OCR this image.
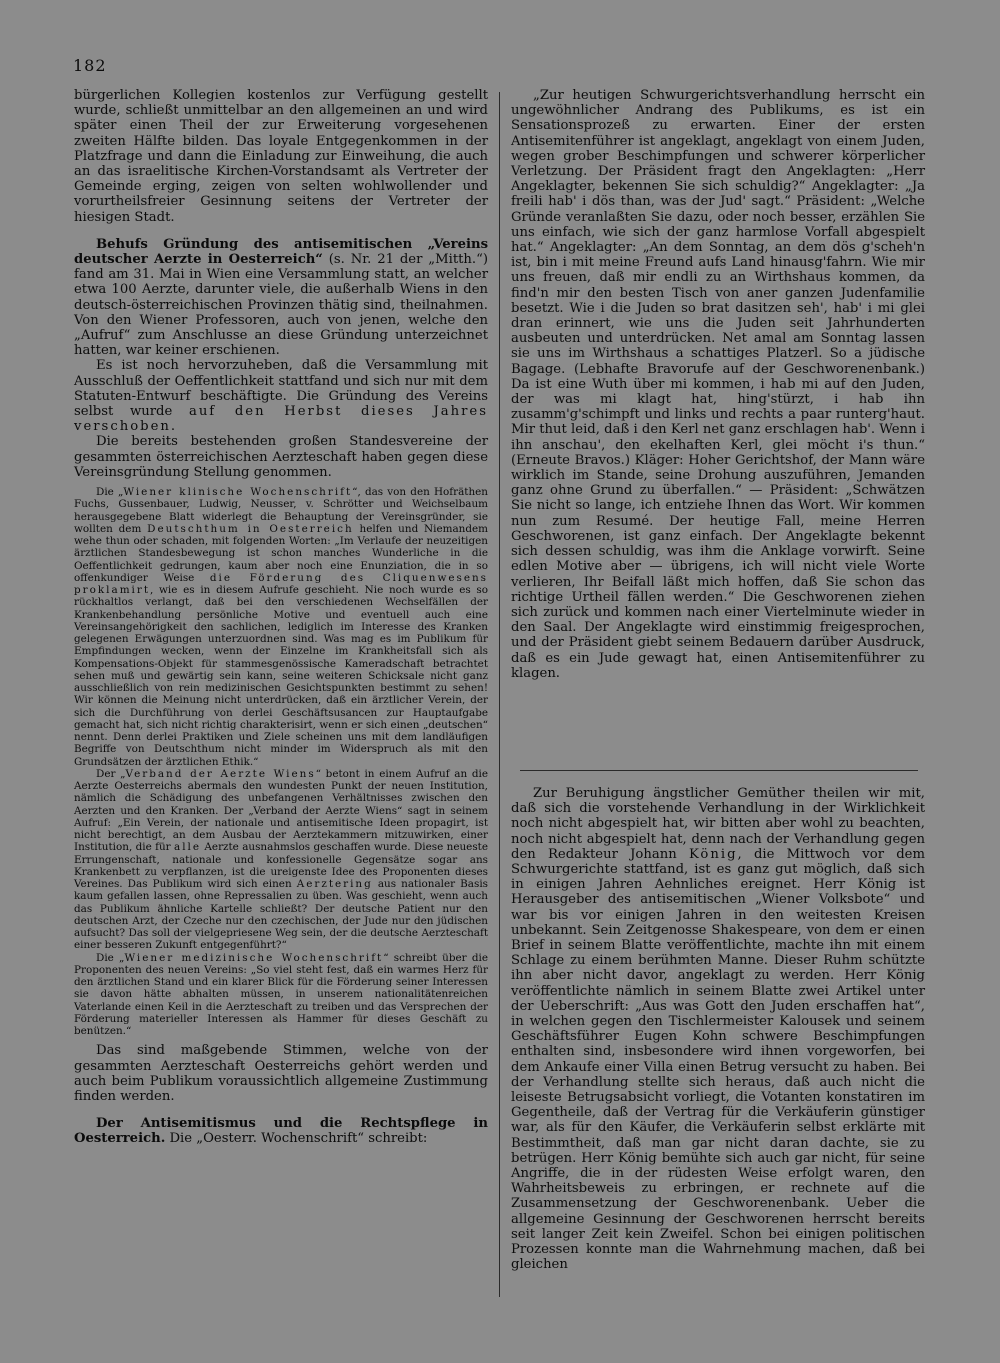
182

bürgerlichen Kollegien kostenlos zur Verfügung gestellt wurde, schließt unmittelbar an den allgemeinen an und wird später einen Theil der zur Erweiterung vorgesehenen zweiten Hälfte bilden. Das loyale Entgegenkommen in der Platzfrage und dann die Einladung zur Einweihung, die auch an das israelitische Kirchen-Vorstandsamt als Vertreter der Gemeinde erging, zeigen von selten wohlwollender und vorurtheilsfreier Gesinnung seitens der Vertreter der hiesigen Stadt.

Behufs Gründung des antisemitischen „Vereins deutscher Aerzte in Oesterreich“ (s. Nr. 21 der „Mitth.“) fand am 31. Mai in Wien eine Versammlung statt, an welcher etwa 100 Aerzte, darunter viele, die außerhalb Wiens in den deutsch-österreichischen Provinzen thätig sind, theilnahmen. Von den Wiener Professoren, auch von jenen, welche den „Aufruf“ zum Anschlusse an diese Gründung unterzeichnet hatten, war keiner erschienen.

Es ist noch hervorzuheben, daß die Versammlung mit Ausschluß der Oeffentlichkeit stattfand und sich nur mit dem Statuten-Entwurf beschäftigte. Die Gründung des Vereins selbst wurde auf den Herbst dieses Jahres verschoben.

Die bereits bestehenden großen Standesvereine der gesammten österreichischen Aerzteschaft haben gegen diese Vereinsgründung Stellung genommen.

Die „Wiener klinische Wochenschrift“, das von den Hofräthen Fuchs, Gussenbauer, Ludwig, Neusser, v. Schrötter und Weichselbaum herausgegebene Blatt widerlegt die Behauptung der Vereinsgründer, sie wollten dem Deutschthum in Oesterreich helfen und Niemandem wehe thun oder schaden, mit folgenden Worten: „Im Verlaufe der neuzeitigen ärztlichen Standesbewegung ist schon manches Wunderliche in die Oeffentlichkeit gedrungen, kaum aber noch eine Enunziation, die in so offenkundiger Weise die Förderung des Cliquenwesens proklamirt, wie es in diesem Aufrufe geschieht. Nie noch wurde es so rückhaltlos verlangt, daß bei den verschiedenen Wechselfällen der Krankenbehandlung persönliche Motive und eventuell auch eine Vereinsangehörigkeit den sachlichen, lediglich im Interesse des Kranken gelegenen Erwägungen unterzuordnen sind. Was mag es im Publikum für Empfindungen wecken, wenn der Einzelne im Krankheitsfall sich als Kompensations-Objekt für stammesgenössische Kameradschaft betrachtet sehen muß und gewärtig sein kann, seine weiteren Schicksale nicht ganz ausschließlich von rein medizinischen Gesichtspunkten bestimmt zu sehen! Wir können die Meinung nicht unterdrücken, daß ein ärztlicher Verein, der sich die Durchführung von derlei Geschäftsusancen zur Hauptaufgabe gemacht hat, sich nicht richtig charakterisirt, wenn er sich einen „deutschen“ nennt. Denn derlei Praktiken und Ziele scheinen uns mit dem landläufigen Begriffe von Deutschthum nicht minder im Widerspruch als mit den Grundsätzen der ärztlichen Ethik.“

Der „Verband der Aerzte Wiens“ betont in einem Aufruf an die Aerzte Oesterreichs abermals den wundesten Punkt der neuen Institution, nämlich die Schädigung des unbefangenen Verhältnisses zwischen den Aerzten und den Kranken. Der „Verband der Aerzte Wiens“ sagt in seinem Aufruf: „Ein Verein, der nationale und antisemitische Ideen propagirt, ist nicht berechtigt, an dem Ausbau der Aerztekammern mitzuwirken, einer Institution, die für alle Aerzte ausnahmslos geschaffen wurde. Diese neueste Errungenschaft, nationale und konfessionelle Gegensätze sogar ans Krankenbett zu verpflanzen, ist die ureigenste Idee des Proponenten dieses Vereines. Das Publikum wird sich einen Aerztering aus nationaler Basis kaum gefallen lassen, ohne Repressalien zu üben. Was geschieht, wenn auch das Publikum ähnliche Kartelle schließt? Der deutsche Patient nur den deutschen Arzt, der Czeche nur den czechischen, der Jude nur den jüdischen aufsucht? Das soll der vielgepriesene Weg sein, der die deutsche Aerzteschaft einer besseren Zukunft entgegenführt?“

Die „Wiener medizinische Wochenschrift“ schreibt über die Proponenten des neuen Vereins: „So viel steht fest, daß ein warmes Herz für den ärztlichen Stand und ein klarer Blick für die Förderung seiner Interessen sie davon hätte abhalten müssen, in unserem nationalitätenreichen Vaterlande einen Keil in die Aerzteschaft zu treiben und das Versprechen der Förderung materieller Interessen als Hammer für dieses Geschäft zu benützen.“

Das sind maßgebende Stimmen, welche von der gesammten Aerzteschaft Oesterreichs gehört werden und auch beim Publikum voraussichtlich allgemeine Zustimmung finden werden.

Der Antisemitismus und die Rechtspflege in Oesterreich. Die „Oesterr. Wochenschrift“ schreibt:

„Zur heutigen Schwurgerichtsverhandlung herrscht ein ungewöhnlicher Andrang des Publikums, es ist ein Sensationsprozeß zu erwarten. Einer der ersten Antisemitenführer ist angeklagt, angeklagt von einem Juden, wegen grober Beschimpfungen und schwerer körperlicher Verletzung. Der Präsident fragt den Angeklagten: „Herr Angeklagter, bekennen Sie sich schuldig?“ Angeklagter: „Ja freili hab' i dös than, was der Jud' sagt.“ Präsident: „Welche Gründe veranlaßten Sie dazu, oder noch besser, erzählen Sie uns einfach, wie sich der ganz harmlose Vorfall abgespielt hat.“ Angeklagter: „An dem Sonntag, an dem dös g'scheh'n ist, bin i mit meine Freund aufs Land hinausg'fahrn. Wie mir uns freuen, daß mir endli zu an Wirthshaus kommen, da find'n mir den besten Tisch von aner ganzen Judenfamilie besetzt. Wie i die Juden so brat dasitzen seh', hab' i mi glei dran erinnert, wie uns die Juden seit Jahrhunderten ausbeuten und unterdrücken. Net amal am Sonntag lassen sie uns im Wirthshaus a schattiges Platzerl. So a jüdische Bagage. (Lebhafte Bravorufe auf der Geschworenenbank.) Da ist eine Wuth über mi kommen, i hab mi auf den Juden, der was mi klagt hat, hing'stürzt, i hab ihn zusamm'g'schimpft und links und rechts a paar runterg'haut. Mir thut leid, daß i den Kerl net ganz erschlagen hab'. Wenn i ihn anschau', den ekelhaften Kerl, glei möcht i's thun.“ (Erneute Bravos.) Kläger: Hoher Gerichtshof, der Mann wäre wirklich im Stande, seine Drohung auszuführen, Jemanden ganz ohne Grund zu überfallen.“ — Präsident: „Schwätzen Sie nicht so lange, ich entziehe Ihnen das Wort. Wir kommen nun zum Resumé. Der heutige Fall, meine Herren Geschworenen, ist ganz einfach. Der Angeklagte bekennt sich dessen schuldig, was ihm die Anklage vorwirft. Seine edlen Motive aber — übrigens, ich will nicht viele Worte verlieren, Ihr Beifall läßt mich hoffen, daß Sie schon das richtige Urtheil fällen werden.“ Die Geschworenen ziehen sich zurück und kommen nach einer Viertelminute wieder in den Saal. Der Angeklagte wird einstimmig freigesprochen, und der Präsident giebt seinem Bedauern darüber Ausdruck, daß es ein Jude gewagt hat, einen Antisemitenführer zu klagen.

Zur Beruhigung ängstlicher Gemüther theilen wir mit, daß sich die vorstehende Verhandlung in der Wirklichkeit noch nicht abgespielt hat, wir bitten aber wohl zu beachten, noch nicht abgespielt hat, denn nach der Verhandlung gegen den Redakteur Johann König, die Mittwoch vor dem Schwurgerichte stattfand, ist es ganz gut möglich, daß sich in einigen Jahren Aehnliches ereignet. Herr König ist Herausgeber des antisemitischen „Wiener Volksbote“ und war bis vor einigen Jahren in den weitesten Kreisen unbekannt. Sein Zeitgenosse Shakespeare, von dem er einen Brief in seinem Blatte veröffentlichte, machte ihn mit einem Schlage zu einem berühmten Manne. Dieser Ruhm schützte ihn aber nicht davor, angeklagt zu werden. Herr König veröffentlichte nämlich in seinem Blatte zwei Artikel unter der Ueberschrift: „Aus was Gott den Juden erschaffen hat“, in welchen gegen den Tischlermeister Kalousek und seinem Geschäftsführer Eugen Kohn schwere Beschimpfungen enthalten sind, insbesondere wird ihnen vorgeworfen, bei dem Ankaufe einer Villa einen Betrug versucht zu haben. Bei der Verhandlung stellte sich heraus, daß auch nicht die leiseste Betrugsabsicht vorliegt, die Votanten konstatiren im Gegentheile, daß der Vertrag für die Verkäuferin günstiger war, als für den Käufer, die Verkäuferin selbst erklärte mit Bestimmtheit, daß man gar nicht daran dachte, sie zu betrügen. Herr König bemühte sich auch gar nicht, für seine Angriffe, die in der rüdesten Weise erfolgt waren, den Wahrheitsbeweis zu erbringen, er rechnete auf die Zusammensetzung der Geschworenenbank. Ueber die allgemeine Gesinnung der Geschworenen herrscht bereits seit langer Zeit kein Zweifel. Schon bei einigen politischen Prozessen konnte man die Wahrnehmung machen, daß bei gleichen
